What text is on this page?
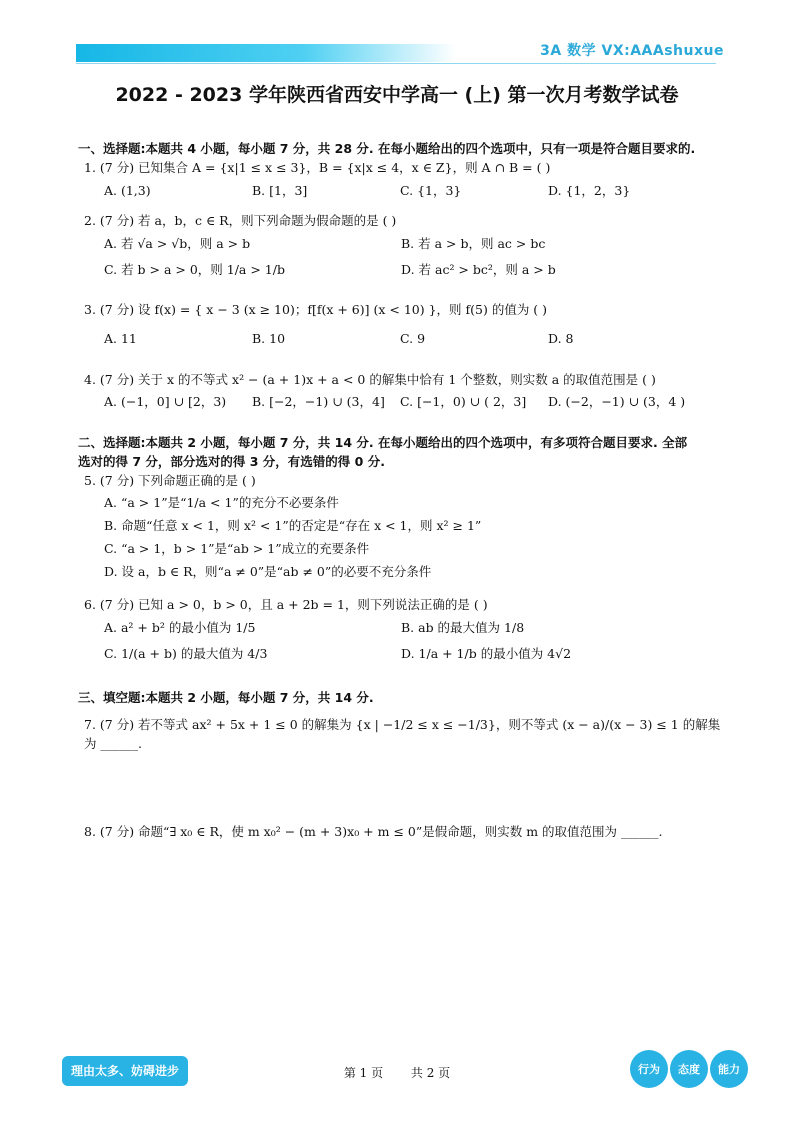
3A 数学 VX:AAAshuxue
2022 - 2023 学年陕西省西安中学高一 (上) 第一次月考数学试卷

一、选择题:本题共 4 小题，每小题 7 分，共 28 分. 在每小题给出的四个选项中，只有一项是符合题目要求的.

1. (7 分) 已知集合 A = {x|1 ≤ x ≤ 3}，B = {x|x ≤ 4，x ∈ Z}，则 A ∩ B = ( )

A. (1,3)	B. [1，3]	C. {1，3}	D. {1，2，3}

2. (7 分) 若 a，b，c ∈ R，则下列命题为假命题的是 ( )

A. 若 √a > √b，则 a > b	B. 若 a > b，则 ac > bc
C. 若 b > a > 0，则 1/a > 1/b	D. 若 ac² > bc²，则 a > b

3. (7 分) 设 f(x) = { x − 3 (x ≥ 10)；f[f(x + 6)] (x < 10) }，则 f(5) 的值为 ( )

A. 11	B. 10	C. 9	D. 8

4. (7 分) 关于 x 的不等式 x² − (a + 1)x + a < 0 的解集中恰有 1 个整数，则实数 a 的取值范围是 ( )

A. (−1，0] ∪ [2，3)	B. [−2，−1) ∪ (3，4]	C. [−1，0) ∪ ( 2，3]	D. (−2，−1) ∪ (3，4 )

二、选择题:本题共 2 小题，每小题 7 分，共 14 分. 在每小题给出的四个选项中，有多项符合题目要求. 全部

选对的得 7 分，部分选对的得 3 分，有选错的得 0 分.

5. (7 分) 下列命题正确的是 ( )

A. “a > 1”是“1/a < 1”的充分不必要条件
B. 命题“任意 x < 1，则 x² < 1”的否定是“存在 x < 1，则 x² ≥ 1”
C. “a > 1，b > 1”是“ab > 1”成立的充要条件
D. 设 a，b ∈ R，则“a ≠ 0”是“ab ≠ 0”的必要不充分条件

6. (7 分) 已知 a > 0，b > 0，且 a + 2b = 1，则下列说法正确的是 ( )

A. a² + b² 的最小值为 1/5	B. ab 的最大值为 1/8
C. 1/(a + b) 的最大值为 4/3	D. 1/a + 1/b 的最小值为 4√2

三、填空题:本题共 2 小题，每小题 7 分，共 14 分.

7. (7 分) 若不等式 ax² + 5x + 1 ≤ 0 的解集为 {x | −1/2 ≤ x ≤ −1/3}，则不等式 (x − a)/(x − 3) ≤ 1 的解集为 ______.

8. (7 分) 命题“∃ x₀ ∈ R，使 m x₀² − (m + 3)x₀ + m ≤ 0”是假命题，则实数 m 的取值范围为 ______.

理由太多、妨碍进步	第 1 页 共 2 页	行为	态度	能力
